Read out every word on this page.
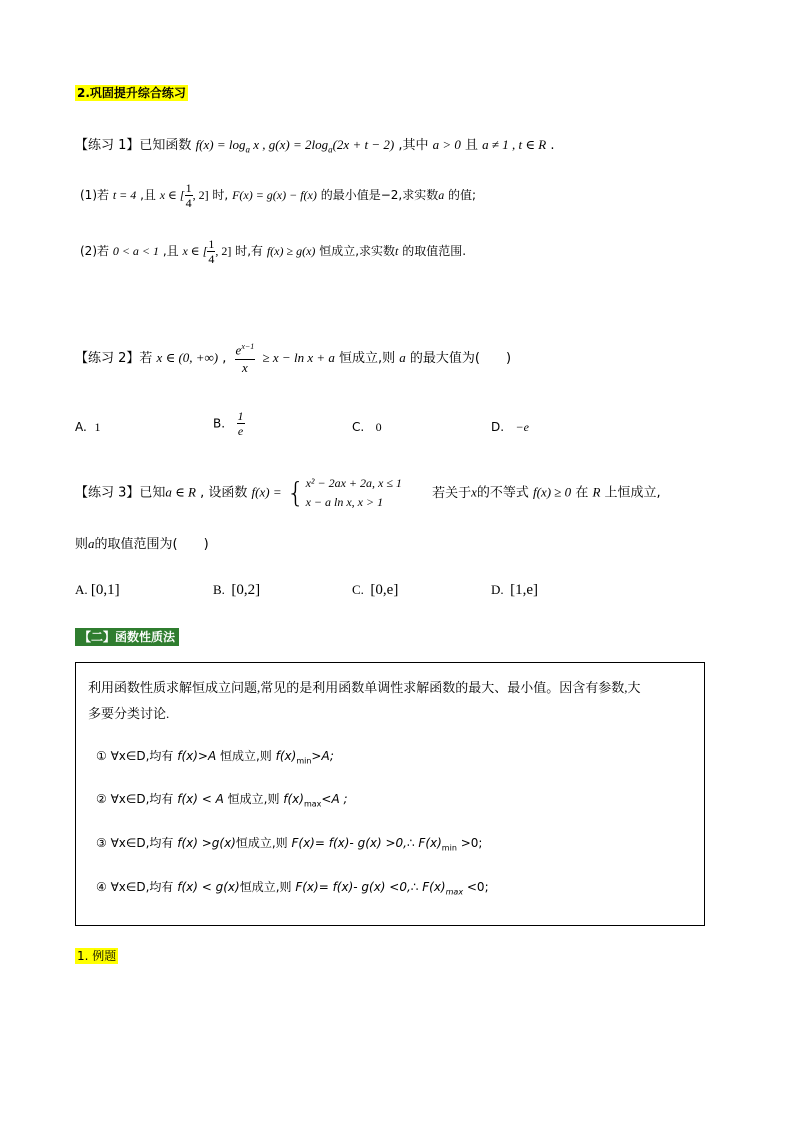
2.巩固提升综合练习
【练习 1】已知函数 $f(x) = \log_a x$ , $g(x) = 2\log_a(2x + t - 2)$ ,其中 a > 0 且 a ≠ 1 , t ∈ R .
(1)若 t = 4 ,且 x ∈ [ $\frac{1}{4}$ , 2] 时, F(x) = g(x) − f(x) 的最小值是−2,求实数a 的值;
(2)若 0 < a < 1 ,且 x ∈ [ $\frac{1}{4}$ , 2] 时,有 f(x) ≥ g(x) 恒成立,求实数t 的取值范围.
【练习 2】若 x ∈ (0, +∞) , $\frac{e^{x-1}}{x} \ge x - \ln x + a$ 恒成立,则 a 的最大值为(　　)
A. 1	B. $\frac{1}{e}$	C. 0	D. −e
【练习 3】已知a ∈ R , 设函数 f(x) = { x² − 2ax + 2a, x ≤ 1
x − a ln x, x > 1
若关于x的不等式 f(x) ≥ 0 在 R 上恒成立,
则a的取值范围为(　　)
A. [0,1]	B. [0,2]	C. [0,e]	D. [1,e]
【二】函数性质法
利用函数性质求解恒成立问题,常见的是利用函数单调性求解函数的最大、最小值。因含有参数,大
多要分类讨论.
① ∀x∈D,均有 f(x)>A 恒成立,则 $f(x)_{min}>A$;
② ∀x∈D,均有 f(x) < A 恒成立,则 $f(x)_{max}<A$ ;
③ ∀x∈D,均有 f(x) >g(x)恒成立,则 F(x)= f(x)- g(x) >0,∴ $F(x)_{min} >0$;
④ ∀x∈D,均有 f(x) < g(x)恒成立,则 F(x)= f(x)- g(x) <0,∴ $F(x)_{max} <0$;
1. 例题
